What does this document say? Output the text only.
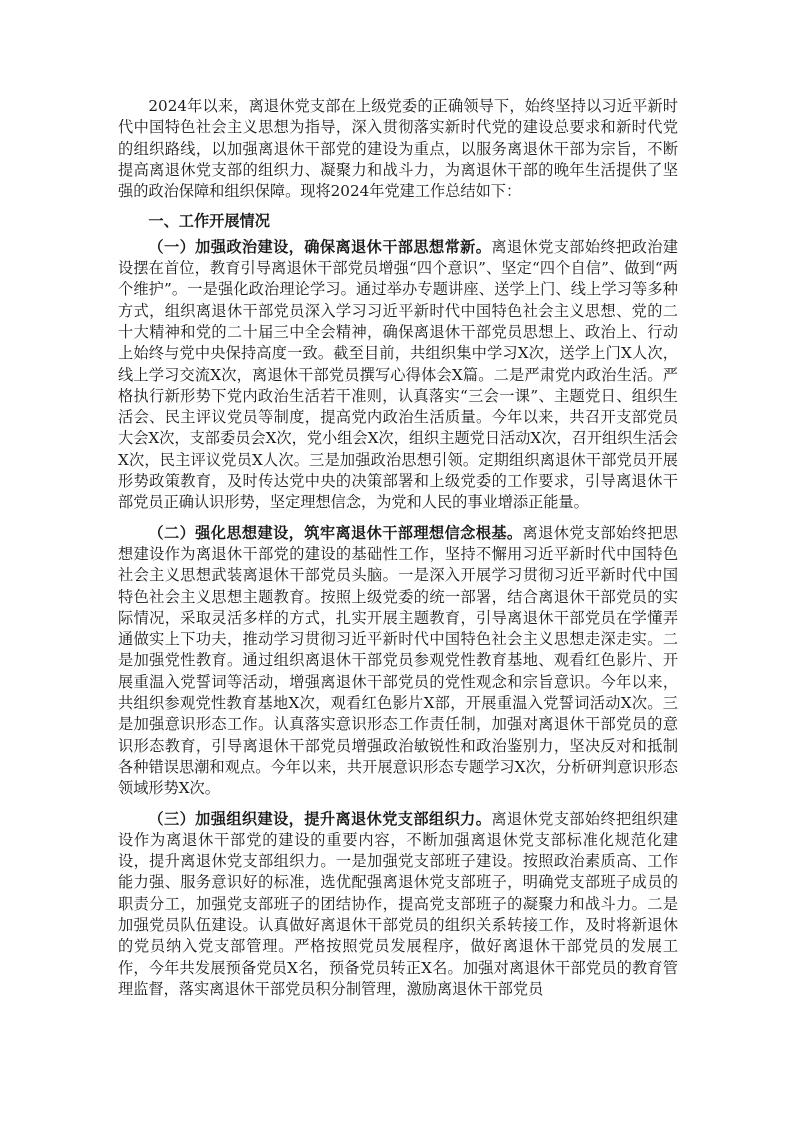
2024年以来，离退休党支部在上级党委的正确领导下，始终坚持以习近平新时代中国特色社会主义思想为指导，深入贯彻落实新时代党的建设总要求和新时代党的组织路线，以加强离退休干部党的建设为重点，以服务离退休干部为宗旨，不断提高离退休党支部的组织力、凝聚力和战斗力，为离退休干部的晚年生活提供了坚强的政治保障和组织保障。现将2024年党建工作总结如下：

一、工作开展情况

（一）加强政治建设，确保离退休干部思想常新。离退休党支部始终把政治建设摆在首位，教育引导离退休干部党员增强“四个意识”、坚定“四个自信”、做到“两个维护”。一是强化政治理论学习。通过举办专题讲座、送学上门、线上学习等多种方式，组织离退休干部党员深入学习习近平新时代中国特色社会主义思想、党的二十大精神和党的二十届三中全会精神，确保离退休干部党员思想上、政治上、行动上始终与党中央保持高度一致。截至目前，共组织集中学习X次，送学上门X人次，线上学习交流X次，离退休干部党员撰写心得体会X篇。二是严肃党内政治生活。严格执行新形势下党内政治生活若干准则，认真落实“三会一课”、主题党日、组织生活会、民主评议党员等制度，提高党内政治生活质量。今年以来，共召开支部党员大会X次，支部委员会X次，党小组会X次，组织主题党日活动X次，召开组织生活会X次，民主评议党员X人次。三是加强政治思想引领。定期组织离退休干部党员开展形势政策教育，及时传达党中央的决策部署和上级党委的工作要求，引导离退休干部党员正确认识形势，坚定理想信念，为党和人民的事业增添正能量。

（二）强化思想建设，筑牢离退休干部理想信念根基。离退休党支部始终把思想建设作为离退休干部党的建设的基础性工作，坚持不懈用习近平新时代中国特色社会主义思想武装离退休干部党员头脑。一是深入开展学习贯彻习近平新时代中国特色社会主义思想主题教育。按照上级党委的统一部署，结合离退休干部党员的实际情况，采取灵活多样的方式，扎实开展主题教育，引导离退休干部党员在学懂弄通做实上下功夫，推动学习贯彻习近平新时代中国特色社会主义思想走深走实。二是加强党性教育。通过组织离退休干部党员参观党性教育基地、观看红色影片、开展重温入党誓词等活动，增强离退休干部党员的党性观念和宗旨意识。今年以来，共组织参观党性教育基地X次，观看红色影片X部，开展重温入党誓词活动X次。三是加强意识形态工作。认真落实意识形态工作责任制，加强对离退休干部党员的意识形态教育，引导离退休干部党员增强政治敏锐性和政治鉴别力，坚决反对和抵制各种错误思潮和观点。今年以来，共开展意识形态专题学习X次，分析研判意识形态领域形势X次。

（三）加强组织建设，提升离退休党支部组织力。离退休党支部始终把组织建设作为离退休干部党的建设的重要内容，不断加强离退休党支部标准化规范化建设，提升离退休党支部组织力。一是加强党支部班子建设。按照政治素质高、工作能力强、服务意识好的标准，选优配强离退休党支部班子，明确党支部班子成员的职责分工，加强党支部班子的团结协作，提高党支部班子的凝聚力和战斗力。二是加强党员队伍建设。认真做好离退休干部党员的组织关系转接工作，及时将新退休的党员纳入党支部管理。严格按照党员发展程序，做好离退休干部党员的发展工作，今年共发展预备党员X名，预备党员转正X名。加强对离退休干部党员的教育管理监督，落实离退休干部党员积分制管理，激励离退休干部党员
